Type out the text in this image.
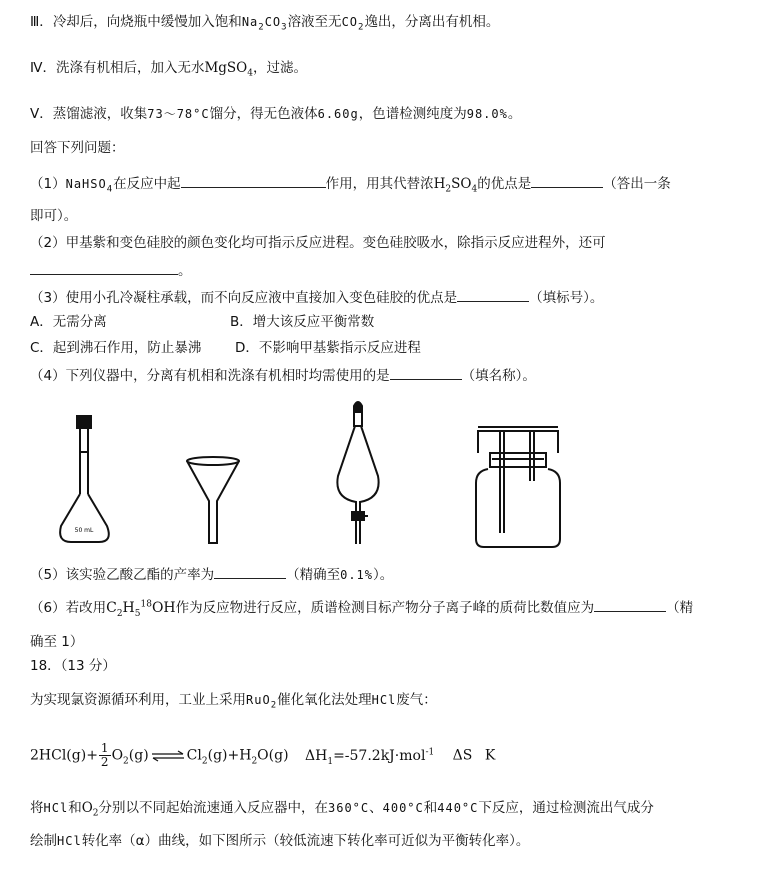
Ⅲ．冷却后，向烧瓶中缓慢加入饱和$Na_2CO_3$溶液至无$CO_2$逸出，分离出有机相。
Ⅳ．洗涤有机相后，加入无水MgSO$_4$，过滤。
Ⅴ．蒸馏滤液，收集73～78°C馏分，得无色液体6.60g，色谱检测纯度为98.0%。
回答下列问题：
（1）NaHSO$_4$在反应中起	作用，用其代替浓$H_2SO_4$的优点是	（答出一条
即可）。
（2）甲基紫和变色硅胶的颜色变化均可指示反应进程。变色硅胶吸水，除指示反应进程外，还可
。
（3）使用小孔冷凝柱承载，而不向反应液中直接加入变色硅胶的优点是	（填标号）。
A．无需分离	B．增大该反应平衡常数
C．起到沸石作用，防止暴沸 D．不影响甲基紫指示反应进程
（4）下列仪器中，分离有机相和洗涤有机相时均需使用的是	（填名称）。
50 mL
（5）该实验乙酸乙酯的产率为	（精确至0.1%）。
（6）若改用$C_2H_5^{18}OH$作为反应物进行反应，质谱检测目标产物分子离子峰的质荷比数值应为	（精
确至 1）
18．（13 分）
为实现氯资源循环利用，工业上采用RuO$_2$催化氧化法处理HCl废气：
$2HCl(g)+ \frac{1}{2} O_2(g)$ ⇌ $Cl_2(g)+H_2O(g)$ $\Delta H_1=-57.2kJ\cdot mol^{-1}$ ΔS K
将HCl和$O_2$分别以不同起始流速通入反应器中，在360°C、400°C和440°C下反应，通过检测流出气成分
绘制HCl转化率（α）曲线，如下图所示（较低流速下转化率可近似为平衡转化率）。
